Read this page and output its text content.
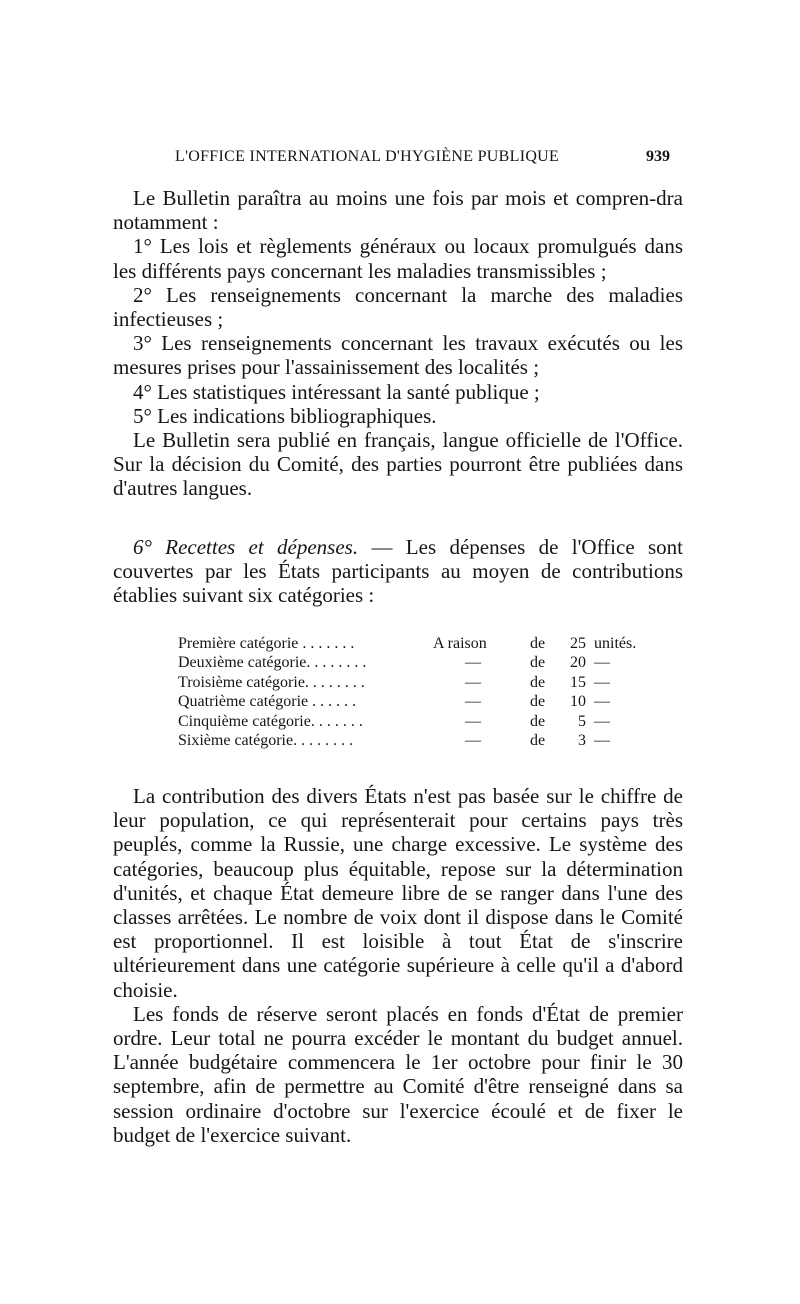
L'OFFICE INTERNATIONAL D'HYGIÈNE PUBLIQUE	939

Le Bulletin paraîtra au moins une fois par mois et compren-dra notamment :

1° Les lois et règlements généraux ou locaux promulgués dans les différents pays concernant les maladies transmissibles ;

2° Les renseignements concernant la marche des maladies infectieuses ;

3° Les renseignements concernant les travaux exécutés ou les mesures prises pour l'assainissement des localités ;

4° Les statistiques intéressant la santé publique ;

5° Les indications bibliographiques.

Le Bulletin sera publié en français, langue officielle de l'Office. Sur la décision du Comité, des parties pourront être publiées dans d'autres langues.

6° Recettes et dépenses. — Les dépenses de l'Office sont couvertes par les États participants au moyen de contributions établies suivant six catégories :

Première catégorie . . . . . . .	A raison	de	25 unités.
Deuxième catégorie. . . . . . . .	—	de	20 —
Troisième catégorie. . . . . . . .	—	de	15 —
Quatrième catégorie . . . . . .	—	de	10 —
Cinquième catégorie. . . . . . .	—	de	5 —
Sixième catégorie. . . . . . . .	—	de	3 —

La contribution des divers États n'est pas basée sur le chiffre de leur population, ce qui représenterait pour certains pays très peuplés, comme la Russie, une charge excessive. Le système des catégories, beaucoup plus équitable, repose sur la détermination d'unités, et chaque État demeure libre de se ranger dans l'une des classes arrêtées. Le nombre de voix dont il dispose dans le Comité est proportionnel. Il est loisible à tout État de s'inscrire ultérieurement dans une catégorie supérieure à celle qu'il a d'abord choisie.

Les fonds de réserve seront placés en fonds d'État de premier ordre. Leur total ne pourra excéder le montant du budget annuel. L'année budgétaire commencera le 1er octobre pour finir le 30 septembre, afin de permettre au Comité d'être renseigné dans sa session ordinaire d'octobre sur l'exercice écoulé et de fixer le budget de l'exercice suivant.
